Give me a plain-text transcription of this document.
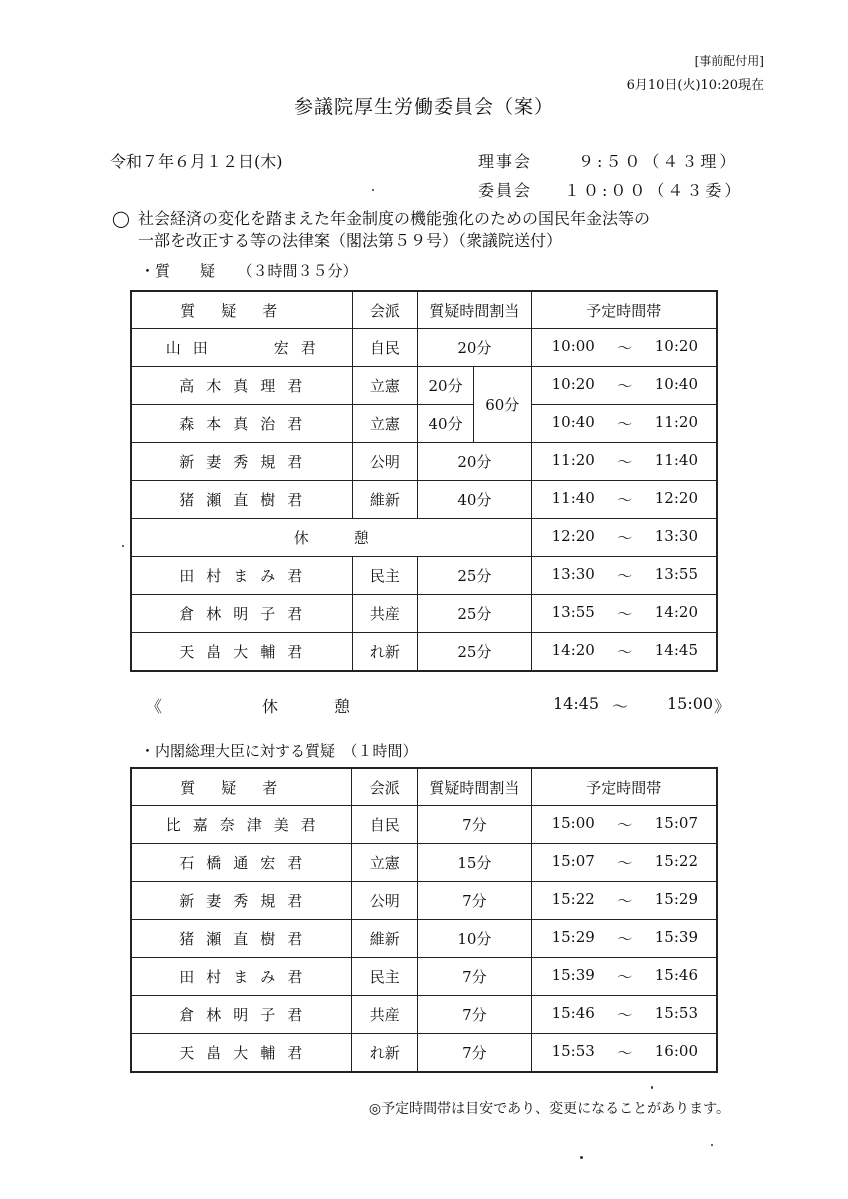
[事前配付用]
6月10日(火)10:20現在
参議院厚生労働委員会（案）
令和７年６月１２日(木)	理事会	９:５０（４３理）
委員会 １０:００（４３委）
◯ 社会経済の変化を踏まえた年金制度の機能強化のための国民年金法等の
一部を改正する等の法律案（閣法第５９号）（衆議院送付）
・質　　疑　　（３時間３５分）
質疑者	会派	質疑時間割当		予定時間帯
山田　　宏君	自民	20分		10:00 〜 10:20

高木真理君	立憲	20分	60分	10:20 〜 10:40

森本真治君	立憲	40分		10:40 〜 11:20

新妻秀規君	公明	20分		11:20 〜 11:40

猪瀬直樹君	維新	40分		11:40 〜 12:20

休　　　憩				12:20 〜 13:30

田村まみ君	民主	25分		13:30 〜 13:55

倉林明子君	共産	25分		13:55 〜 14:20

天畠大輔君	れ新	25分		14:20 〜 14:45
《	休　　憩	14:45 〜 15:00 》
・内閣総理大臣に対する質疑　（１時間）
質疑者	会派	質疑時間割当	予定時間帯
比嘉奈津美君	自民	7分	15:00 〜 15:07

石橋通宏君	立憲	15分	15:07 〜 15:22

新妻秀規君	公明	7分	15:22 〜 15:29

猪瀬直樹君	維新	10分	15:29 〜 15:39

田村まみ君	民主	7分	15:39 〜 15:46

倉林明子君	共産	7分	15:46 〜 15:53

天畠大輔君	れ新	7分	15:53 〜 16:00
◎予定時間帯は目安であり、変更になることがあります。
